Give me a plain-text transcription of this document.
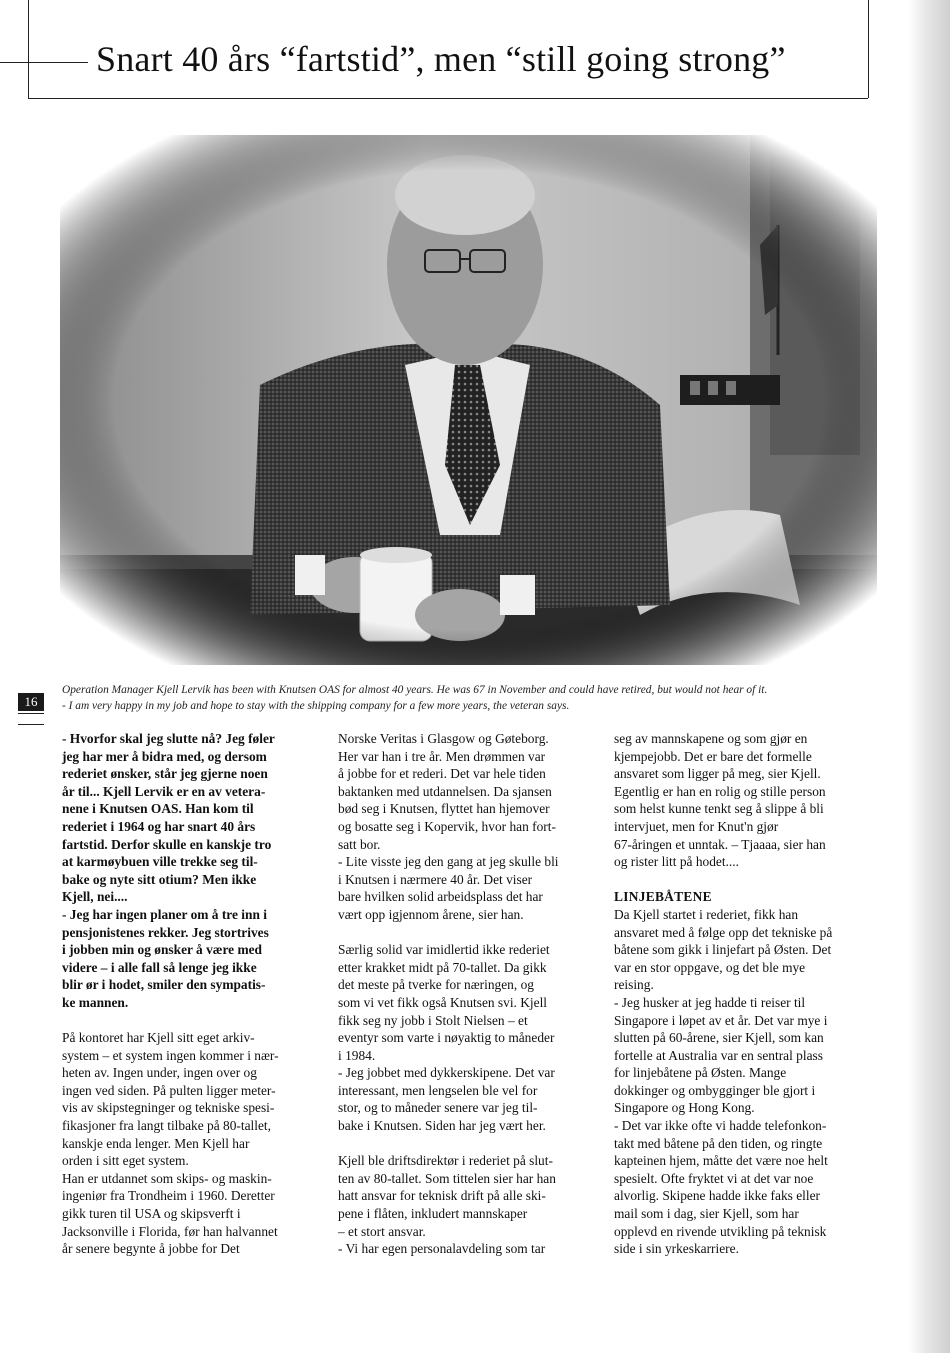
Snart 40 års “fartstid”, men “still going strong”
16
Operation Manager Kjell Lervik has been with Knutsen OAS for almost 40 years. He was 67 in November and could have retired, but would not hear of it.
- I am very happy in my job and hope to stay with the shipping company for a few more years, the veteran says.

- Hvorfor skal jeg slutte nå? Jeg føler
jeg har mer å bidra med, og dersom
rederiet ønsker, står jeg gjerne noen
år til... Kjell Lervik er en av vetera-
nene i Knutsen OAS. Han kom til
rederiet i 1964 og har snart 40 års
fartstid. Derfor skulle en kanskje tro
at karmøybuen ville trekke seg til-
bake og nyte sitt otium? Men ikke
Kjell, nei....
- Jeg har ingen planer om å tre inn i
pensjonistenes rekker. Jeg stortrives
i jobben min og ønsker å være med
videre – i alle fall så lenge jeg ikke
blir ør i hodet, smiler den sympatis-
ke mannen.

På kontoret har Kjell sitt eget arkiv-
system – et system ingen kommer i nær-
heten av. Ingen under, ingen over og
ingen ved siden. På pulten ligger meter-
vis av skipstegninger og tekniske spesi-
fikasjoner fra langt tilbake på 80-tallet,
kanskje enda lenger. Men Kjell har
orden i sitt eget system.
Han er utdannet som skips- og maskin-
ingeniør fra Trondheim i 1960. Deretter
gikk turen til USA og skipsverft i
Jacksonville i Florida, før han halvannet
år senere begynte å jobbe for Det

Norske Veritas i Glasgow og Gøteborg.
Her var han i tre år. Men drømmen var
å jobbe for et rederi. Det var hele tiden
baktanken med utdannelsen. Da sjansen
bød seg i Knutsen, flyttet han hjemover
og bosatte seg i Kopervik, hvor han fort-
satt bor.
- Lite visste jeg den gang at jeg skulle bli
i Knutsen i nærmere 40 år. Det viser
bare hvilken solid arbeidsplass det har
vært opp igjennom årene, sier han.

Særlig solid var imidlertid ikke rederiet
etter krakket midt på 70-tallet. Da gikk
det meste på tverke for næringen, og
som vi vet fikk også Knutsen svi. Kjell
fikk seg ny jobb i Stolt Nielsen – et
eventyr som varte i nøyaktig to måneder
i 1984.
- Jeg jobbet med dykkerskipene. Det var
interessant, men lengselen ble vel for
stor, og to måneder senere var jeg til-
bake i Knutsen. Siden har jeg vært her.

Kjell ble driftsdirektør i rederiet på slut-
ten av 80-tallet. Som tittelen sier har han
hatt ansvar for teknisk drift på alle ski-
pene i flåten, inkludert mannskaper
– et stort ansvar.
- Vi har egen personalavdeling som tar

seg av mannskapene og som gjør en
kjempejobb. Det er bare det formelle
ansvaret som ligger på meg, sier Kjell.
Egentlig er han en rolig og stille person
som helst kunne tenkt seg å slippe å bli
intervjuet, men for Knut'n gjør
67-åringen et unntak. – Tjaaaa, sier han
og rister litt på hodet....

LINJEBÅTENE

Da Kjell startet i rederiet, fikk han
ansvaret med å følge opp det tekniske på
båtene som gikk i linjefart på Østen. Det
var en stor oppgave, og det ble mye
reising.
- Jeg husker at jeg hadde ti reiser til
Singapore i løpet av et år. Det var mye i
slutten på 60-årene, sier Kjell, som kan
fortelle at Australia var en sentral plass
for linjebåtene på Østen. Mange
dokkinger og ombygginger ble gjort i
Singapore og Hong Kong.
- Det var ikke ofte vi hadde telefonkon-
takt med båtene på den tiden, og ringte
kapteinen hjem, måtte det være noe helt
spesielt. Ofte fryktet vi at det var noe
alvorlig. Skipene hadde ikke faks eller
mail som i dag, sier Kjell, som har
opplevd en rivende utvikling på teknisk
side i sin yrkeskarriere.
